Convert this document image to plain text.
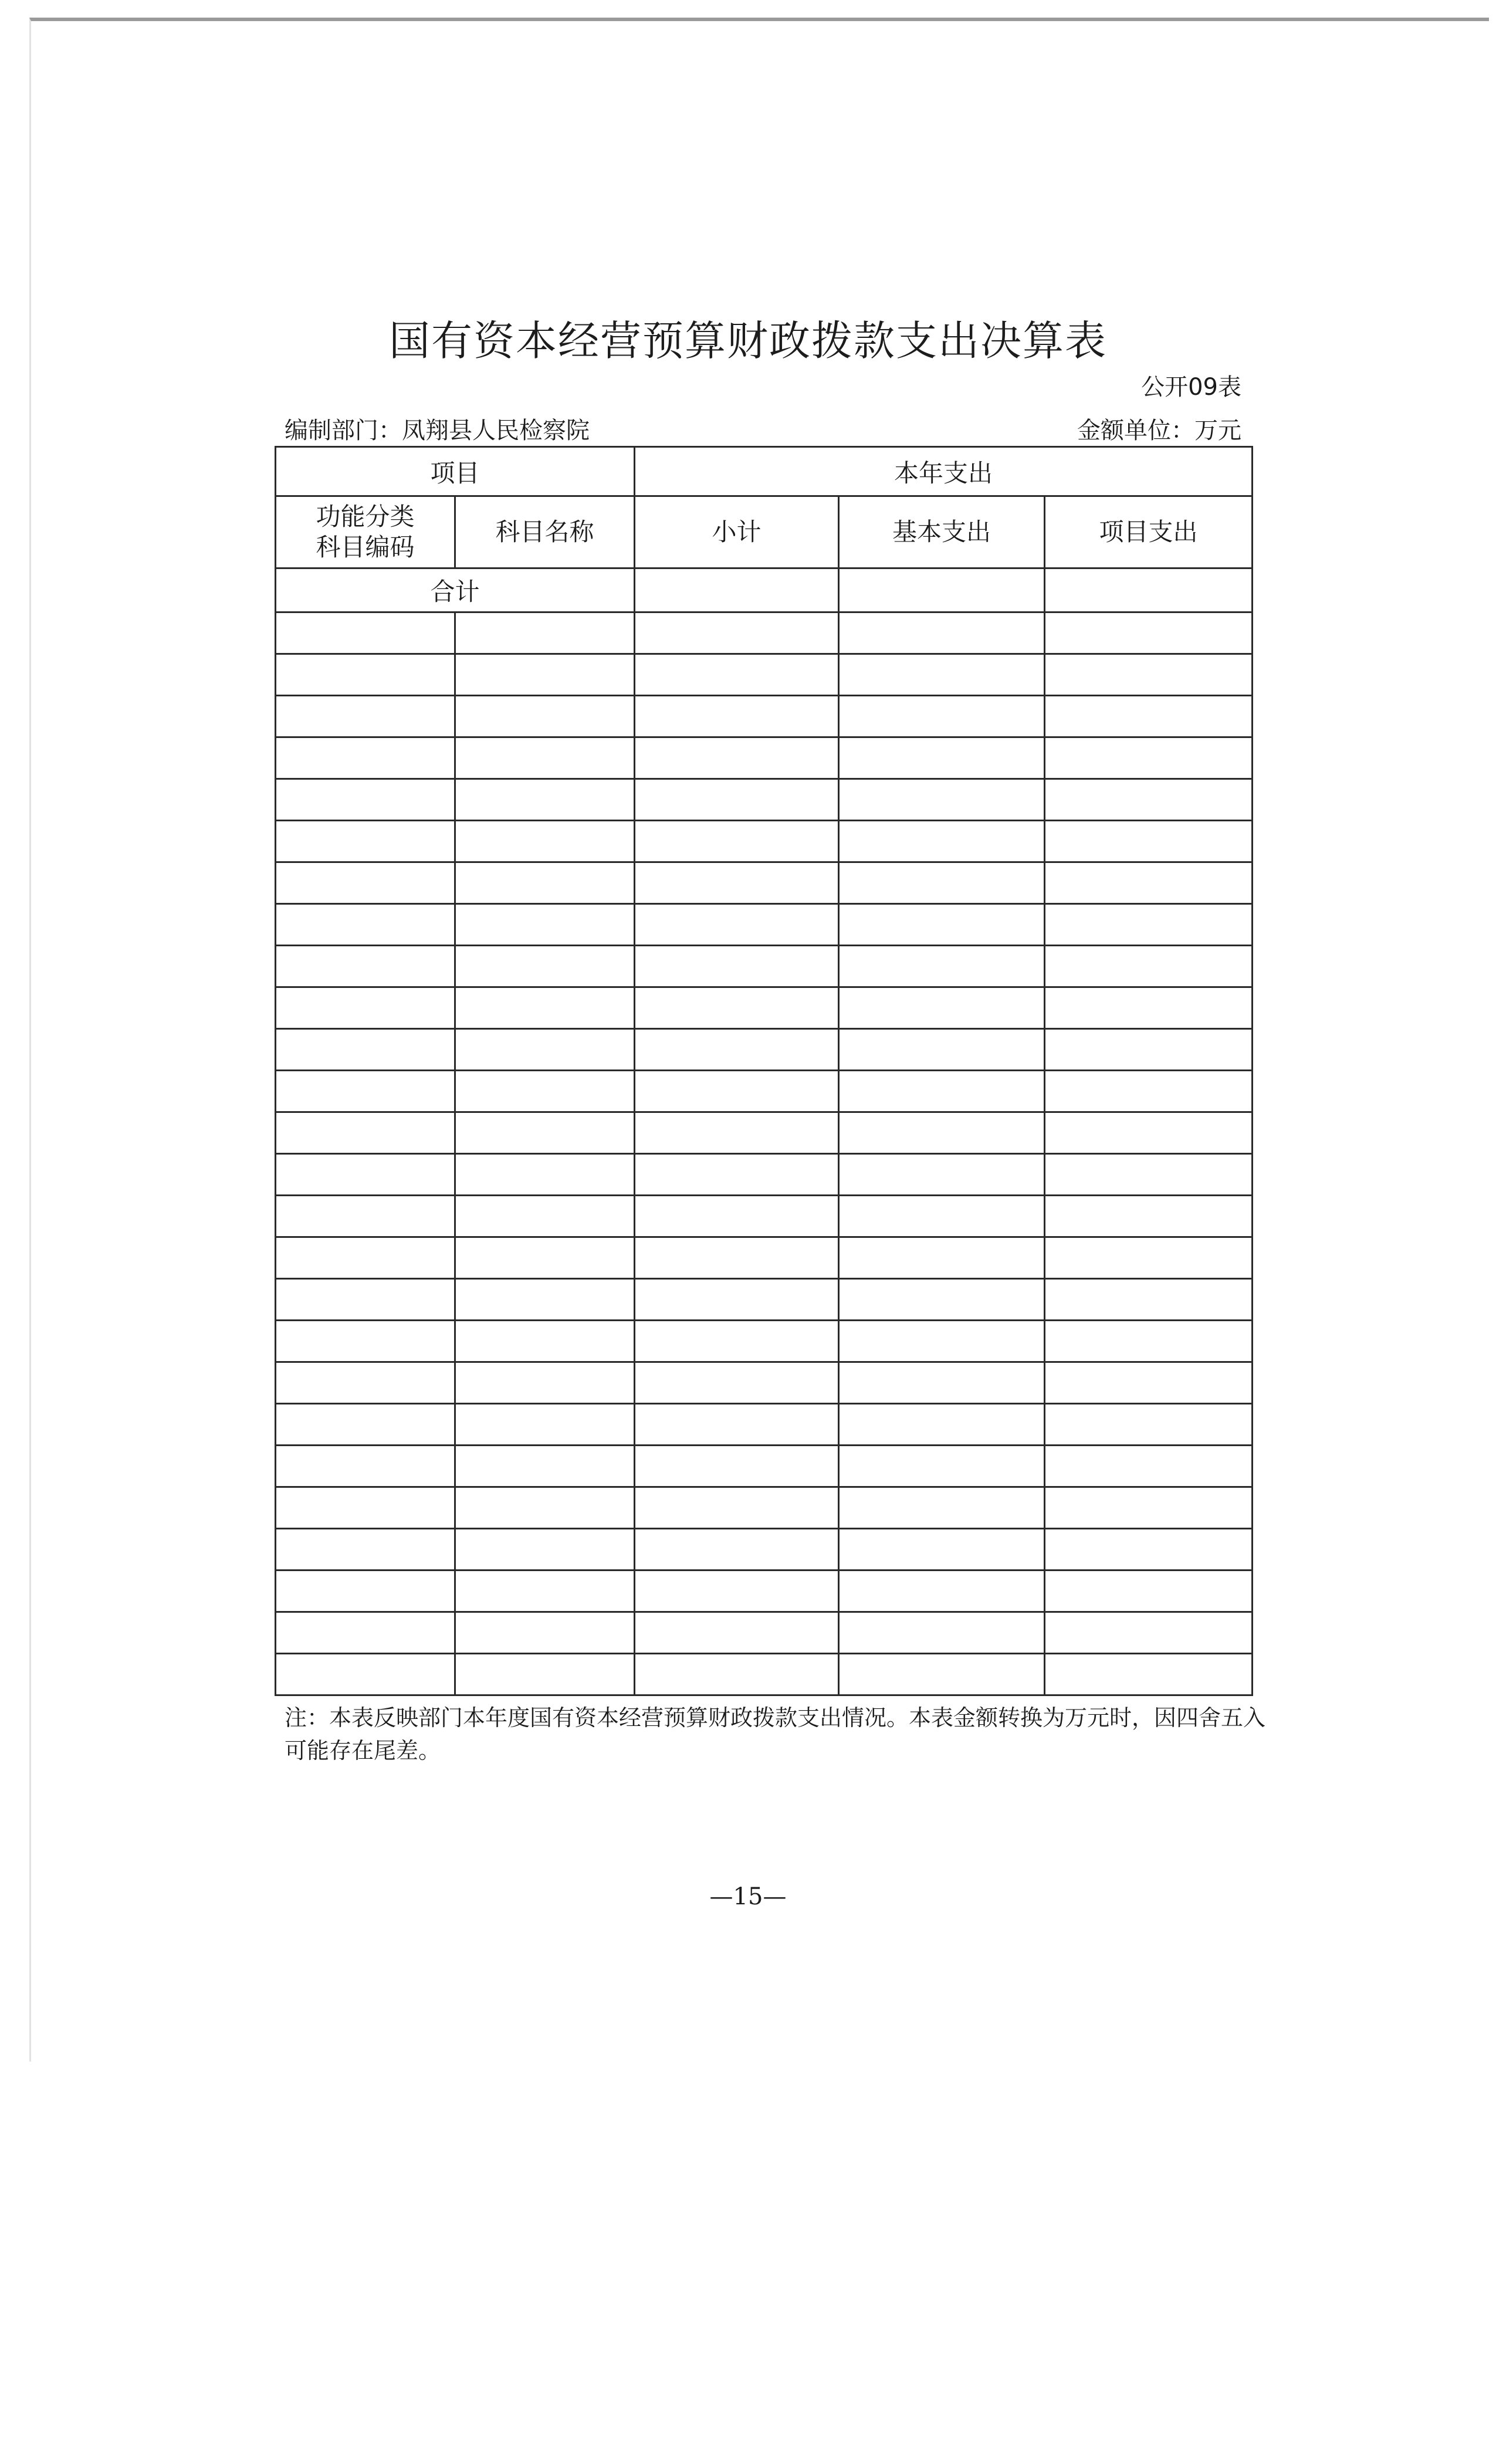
国有资本经营预算财政拨款支出决算表
公开09表
编制部门：凤翔县人民检察院	金额单位：万元
项目		本年支出		
功能分类
科目编码	科目名称	小计	基本支出	项目支出
合计				

注：本表反映部门本年度国有资本经营预算财政拨款支出情况。本表金额转换为万元时，因四舍五入可能存在尾差。
—15—
